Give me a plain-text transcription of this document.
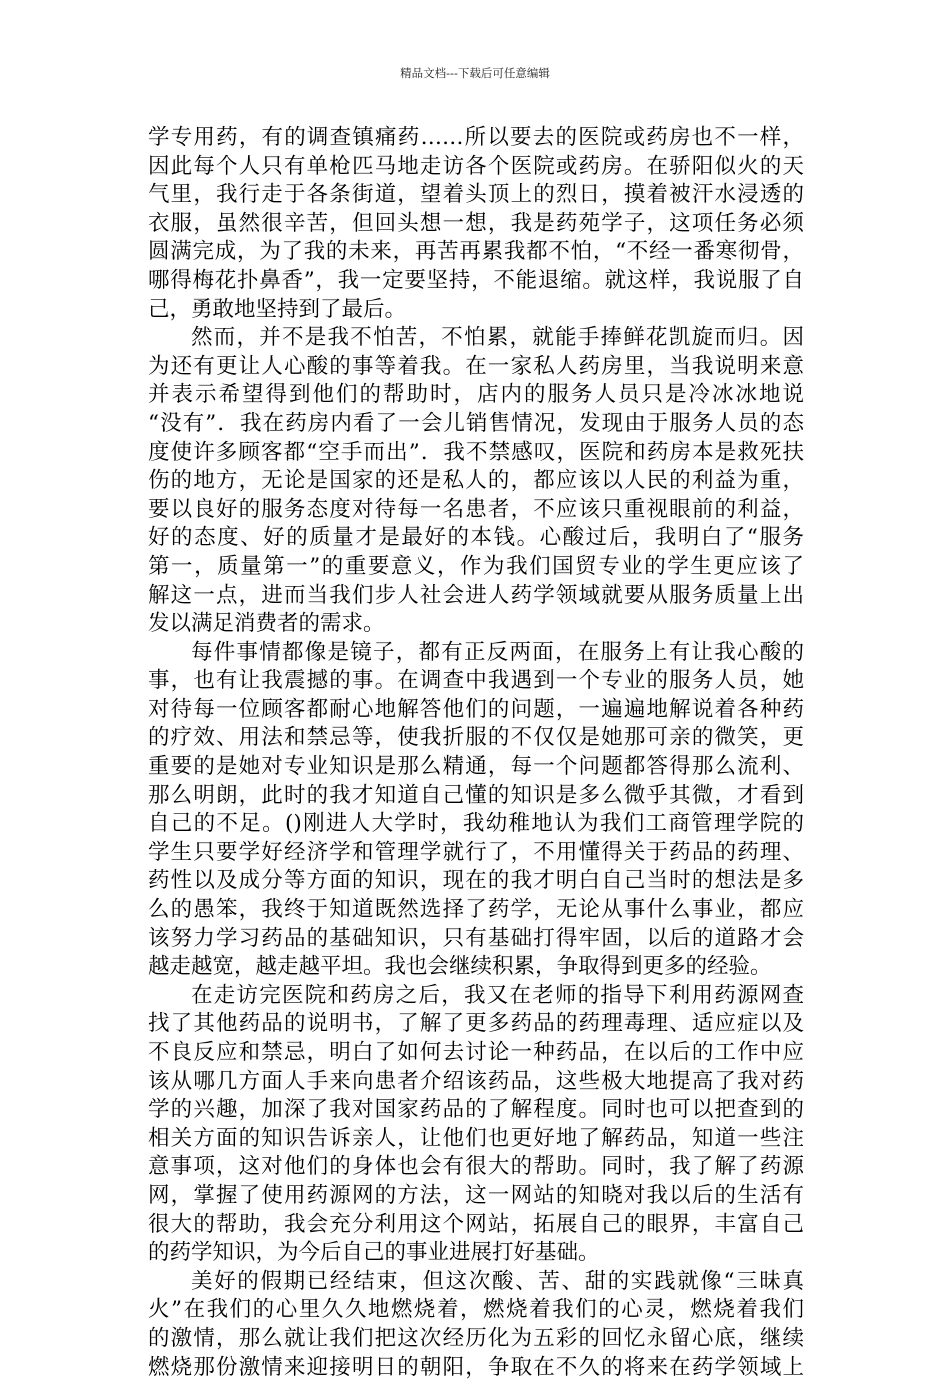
精品文档---下载后可任意编辑
学专用药，有的调查镇痛药……所以要去的医院或药房也不一样，
因此每个人只有单枪匹马地走访各个医院或药房。在骄阳似火的天
气里，我行走于各条街道，望着头顶上的烈日，摸着被汗水浸透的
衣服，虽然很辛苦，但回头想一想，我是药苑学子，这项任务必须
圆满完成，为了我的未来，再苦再累我都不怕，“不经一番寒彻骨，
哪得梅花扑鼻香”，我一定要坚持，不能退缩。就这样，我说服了自
己，勇敢地坚持到了最后。
然而，并不是我不怕苦，不怕累，就能手捧鲜花凯旋而归。因
为还有更让人心酸的事等着我。在一家私人药房里，当我说明来意
并表示希望得到他们的帮助时，店内的服务人员只是冷冰冰地说
“没有”．我在药房内看了一会儿销售情况，发现由于服务人员的态
度使许多顾客都“空手而出”．我不禁感叹，医院和药房本是救死扶
伤的地方，无论是国家的还是私人的，都应该以人民的利益为重，
要以良好的服务态度对待每一名患者，不应该只重视眼前的利益，
好的态度、好的质量才是最好的本钱。心酸过后，我明白了“服务
第一，质量第一”的重要意义，作为我们国贸专业的学生更应该了
解这一点，进而当我们步人社会进人药学领域就要从服务质量上出
发以满足消费者的需求。
每件事情都像是镜子，都有正反两面，在服务上有让我心酸的
事，也有让我震撼的事。在调查中我遇到一个专业的服务人员，她
对待每一位顾客都耐心地解答他们的问题，一遍遍地解说着各种药
的疗效、用法和禁忌等，使我折服的不仅仅是她那可亲的微笑，更
重要的是她对专业知识是那么精通，每一个问题都答得那么流利、
那么明朗，此时的我才知道自己懂的知识是多么微乎其微，才看到
自己的不足。()刚进人大学时，我幼稚地认为我们工商管理学院的
学生只要学好经济学和管理学就行了，不用懂得关于药品的药理、
药性以及成分等方面的知识，现在的我才明白自己当时的想法是多
么的愚笨，我终于知道既然选择了药学，无论从事什么事业，都应
该努力学习药品的基础知识，只有基础打得牢固，以后的道路才会
越走越宽，越走越平坦。我也会继续积累，争取得到更多的经验。
在走访完医院和药房之后，我又在老师的指导下利用药源网查
找了其他药品的说明书，了解了更多药品的药理毒理、适应症以及
不良反应和禁忌，明白了如何去讨论一种药品，在以后的工作中应
该从哪几方面人手来向患者介绍该药品，这些极大地提高了我对药
学的兴趣，加深了我对国家药品的了解程度。同时也可以把查到的
相关方面的知识告诉亲人，让他们也更好地了解药品，知道一些注
意事项，这对他们的身体也会有很大的帮助。同时，我了解了药源
网，掌握了使用药源网的方法，这一网站的知晓对我以后的生活有
很大的帮助，我会充分利用这个网站，拓展自己的眼界，丰富自己
的药学知识，为今后自己的事业进展打好基础。
美好的假期已经结束，但这次酸、苦、甜的实践就像“三昧真
火”在我们的心里久久地燃烧着，燃烧着我们的心灵，燃烧着我们
的激情，那么就让我们把这次经历化为五彩的回忆永留心底，继续
燃烧那份激情来迎接明日的朝阳，争取在不久的将来在药学领域上
